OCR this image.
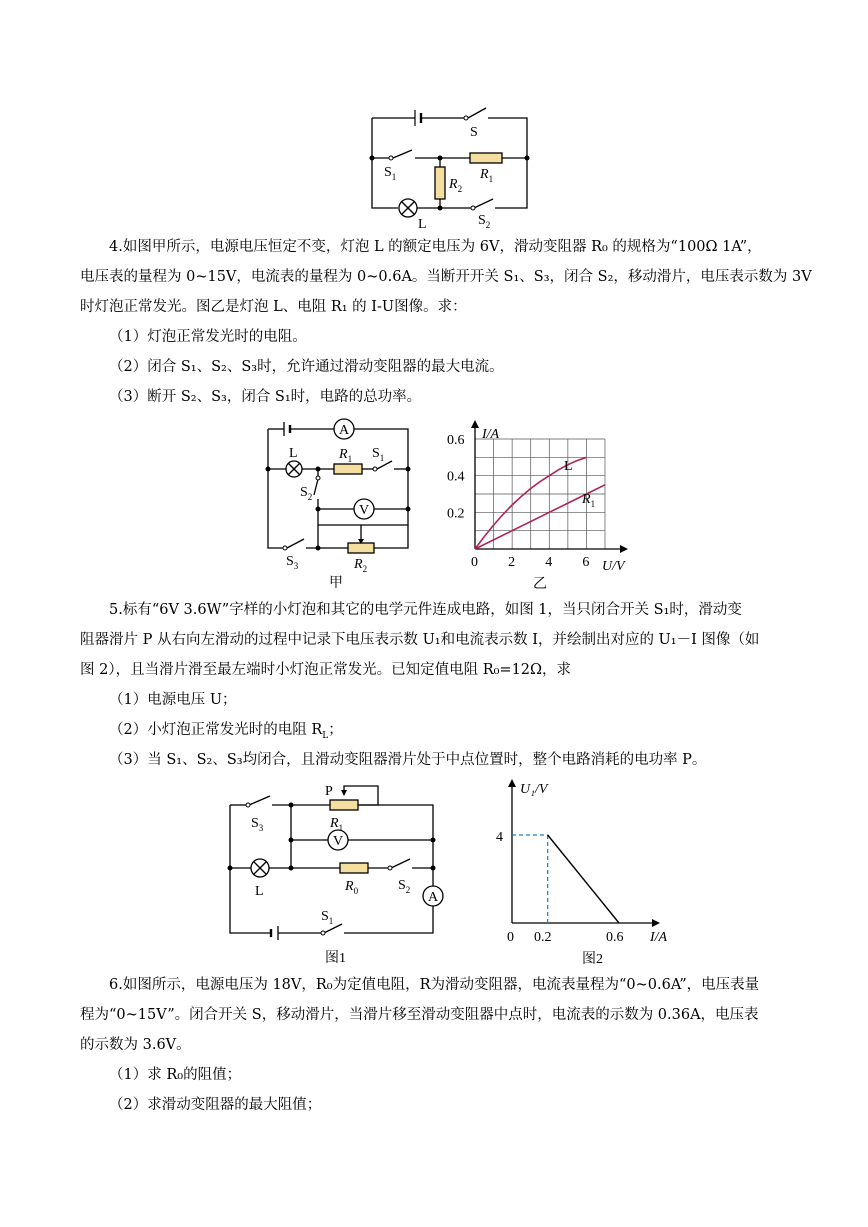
S
$S_1$	$R_2$
$R_1$
L	$S_2$
4.如图甲所示，电源电压恒定不变，灯泡 L 的额定电压为 6V，滑动变阻器 R₀ 的规格为“100Ω 1A”，
电压表的量程为 0~15V，电流表的量程为 0~0.6A。当断开开关 S₁、S₃，闭合 S₂，移动滑片，电压表示数为 3V
时灯泡正常发光。图乙是灯泡 L、电阻 R₁ 的 I-U图像。求：
（1）灯泡正常发光时的电阻。
（2）闭合 S₁、S₂、S₃时，允许通过滑动变阻器的最大电流。
（3）断开 S₂、S₃，闭合 S₁时，电路的总功率。
A
L	$R_1$ $S_1$
$S_2$
V
$S_3$	$R_2$
甲
I/A
U/V
0 2 4 6
0.2
0.4
0.6
L
$R_1$
乙
5.标有“6V 3.6W”字样的小灯泡和其它的电学元件连成电路，如图 1，当只闭合开关 S₁时，滑动变
阻器滑片 P 从右向左滑动的过程中记录下电压表示数 U₁和电流表示数 I，并绘制出对应的 U₁－I 图像（如
图 2），且当滑片滑至最左端时小灯泡正常发光。已知定值电阻 R₀=12Ω，求
（1）电源电压 U；
（2）小灯泡正常发光时的电阻 $R_L$；
（3）当 S₁、S₂、S₃均闭合，且滑动变阻器滑片处于中点位置时，整个电路消耗的电功率 P。
$S_3$
P
$R_1$
V
L	$R_0$	$S_2$ A
$S_1$
图1
U₁/V
I/A
4
0 0.2	0.6
图2
6.如图所示，电源电压为 18V，R₀为定值电阻，R为滑动变阻器，电流表量程为“0~0.6A”，电压表量
程为“0~15V”。闭合开关 S，移动滑片，当滑片移至滑动变阻器中点时，电流表的示数为 0.36A，电压表
的示数为 3.6V。
（1）求 R₀的阻值；
（2）求滑动变阻器的最大阻值；
